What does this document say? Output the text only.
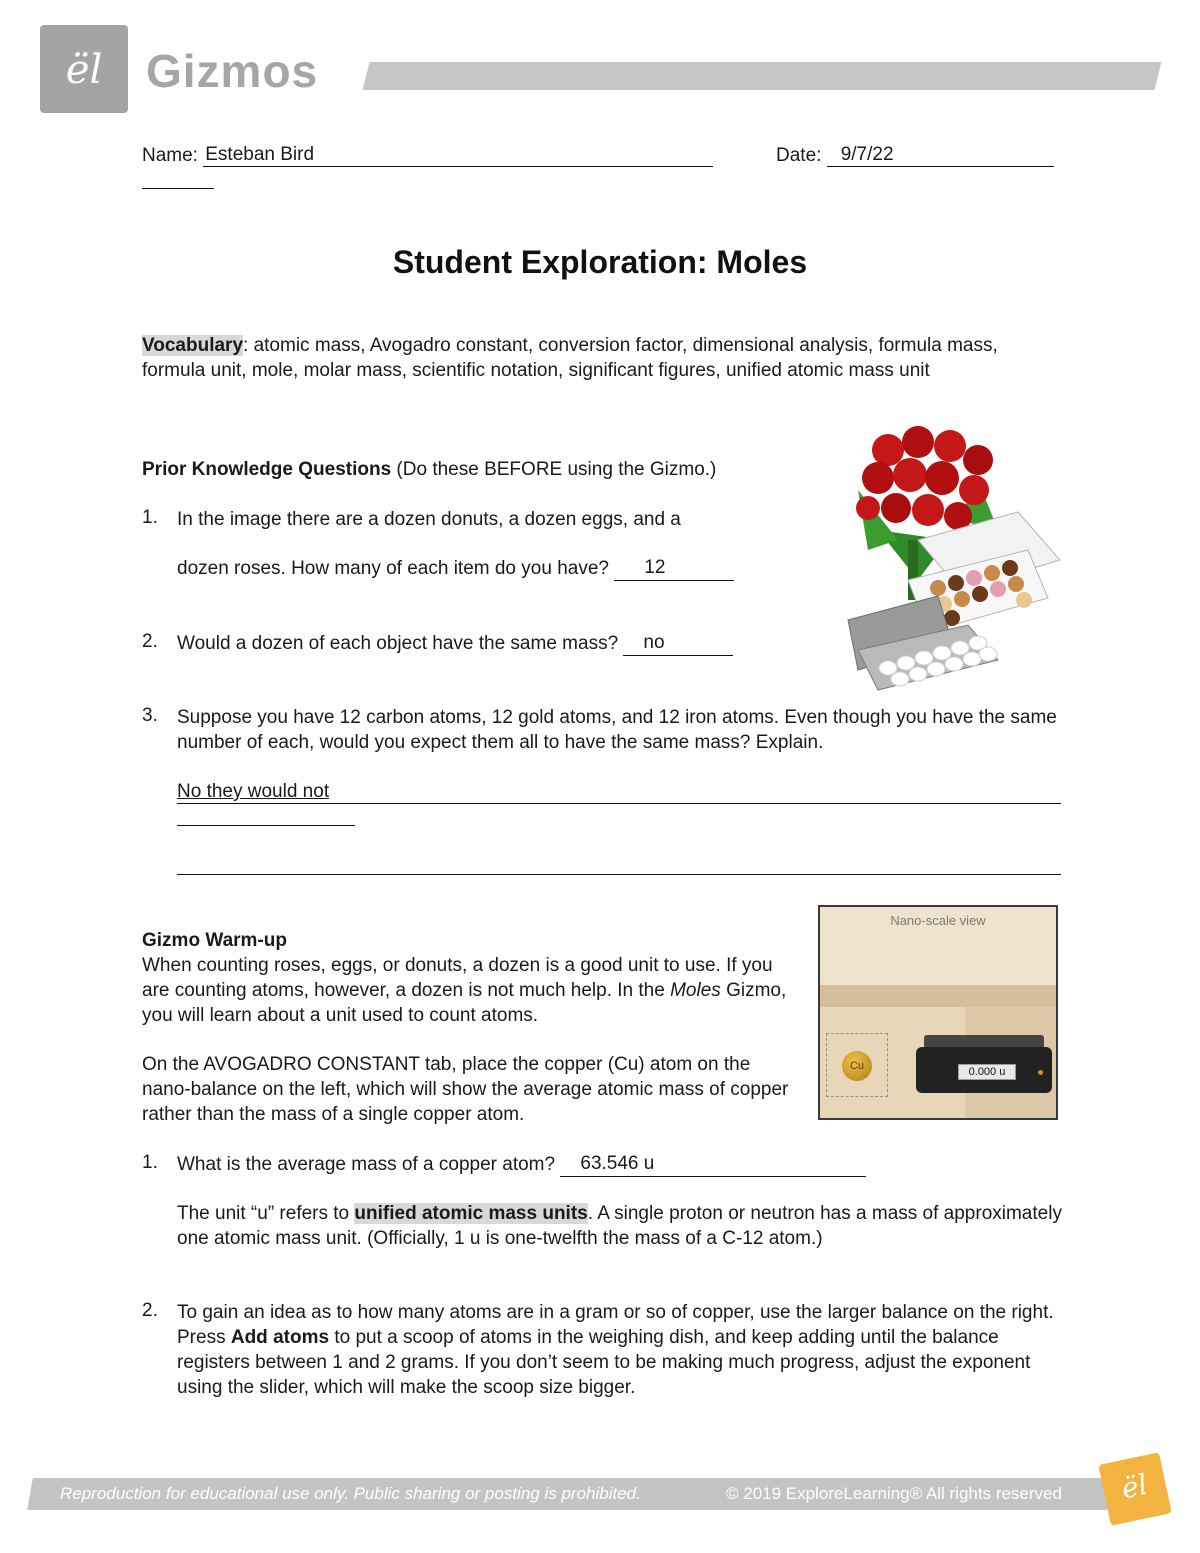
ël Gizmos
Name: Esteban Bird	Date: 9/7/22
Student Exploration: Moles
Vocabulary: atomic mass, Avogadro constant, conversion factor, dimensional analysis, formula mass, formula unit, mole, molar mass, scientific notation, significant figures, unified atomic mass unit
Prior Knowledge Questions (Do these BEFORE using the Gizmo.)
1. In the image there are a dozen donuts, a dozen eggs, and a
dozen roses. How many of each item do you have? 12
2. Would a dozen of each object have the same mass? no
3. Suppose you have 12 carbon atoms, 12 gold atoms, and 12 iron atoms. Even though you have the same number of each, would you expect them all to have the same mass? Explain.
No they would not
Gizmo Warm-up
When counting roses, eggs, or donuts, a dozen is a good unit to use. If you are counting atoms, however, a dozen is not much help. In the Moles Gizmo, you will learn about a unit used to count atoms.
On the AVOGADRO CONSTANT tab, place the copper (Cu) atom on the nano-balance on the left, which will show the average atomic mass of copper rather than the mass of a single copper atom.
Nano-scale view
Cu	0.000 u
1. What is the average mass of a copper atom? 63.546 u
The unit “u” refers to unified atomic mass units. A single proton or neutron has a mass of approximately one atomic mass unit. (Officially, 1 u is one-twelfth the mass of a C-12 atom.)
2. To gain an idea as to how many atoms are in a gram or so of copper, use the larger balance on the right. Press Add atoms to put a scoop of atoms in the weighing dish, and keep adding until the balance registers between 1 and 2 grams. If you don’t seem to be making much progress, adjust the exponent using the slider, which will make the scoop size bigger.
Reproduction for educational use only. Public sharing or posting is prohibited.	© 2019 ExploreLearning® All rights reserved	ël
